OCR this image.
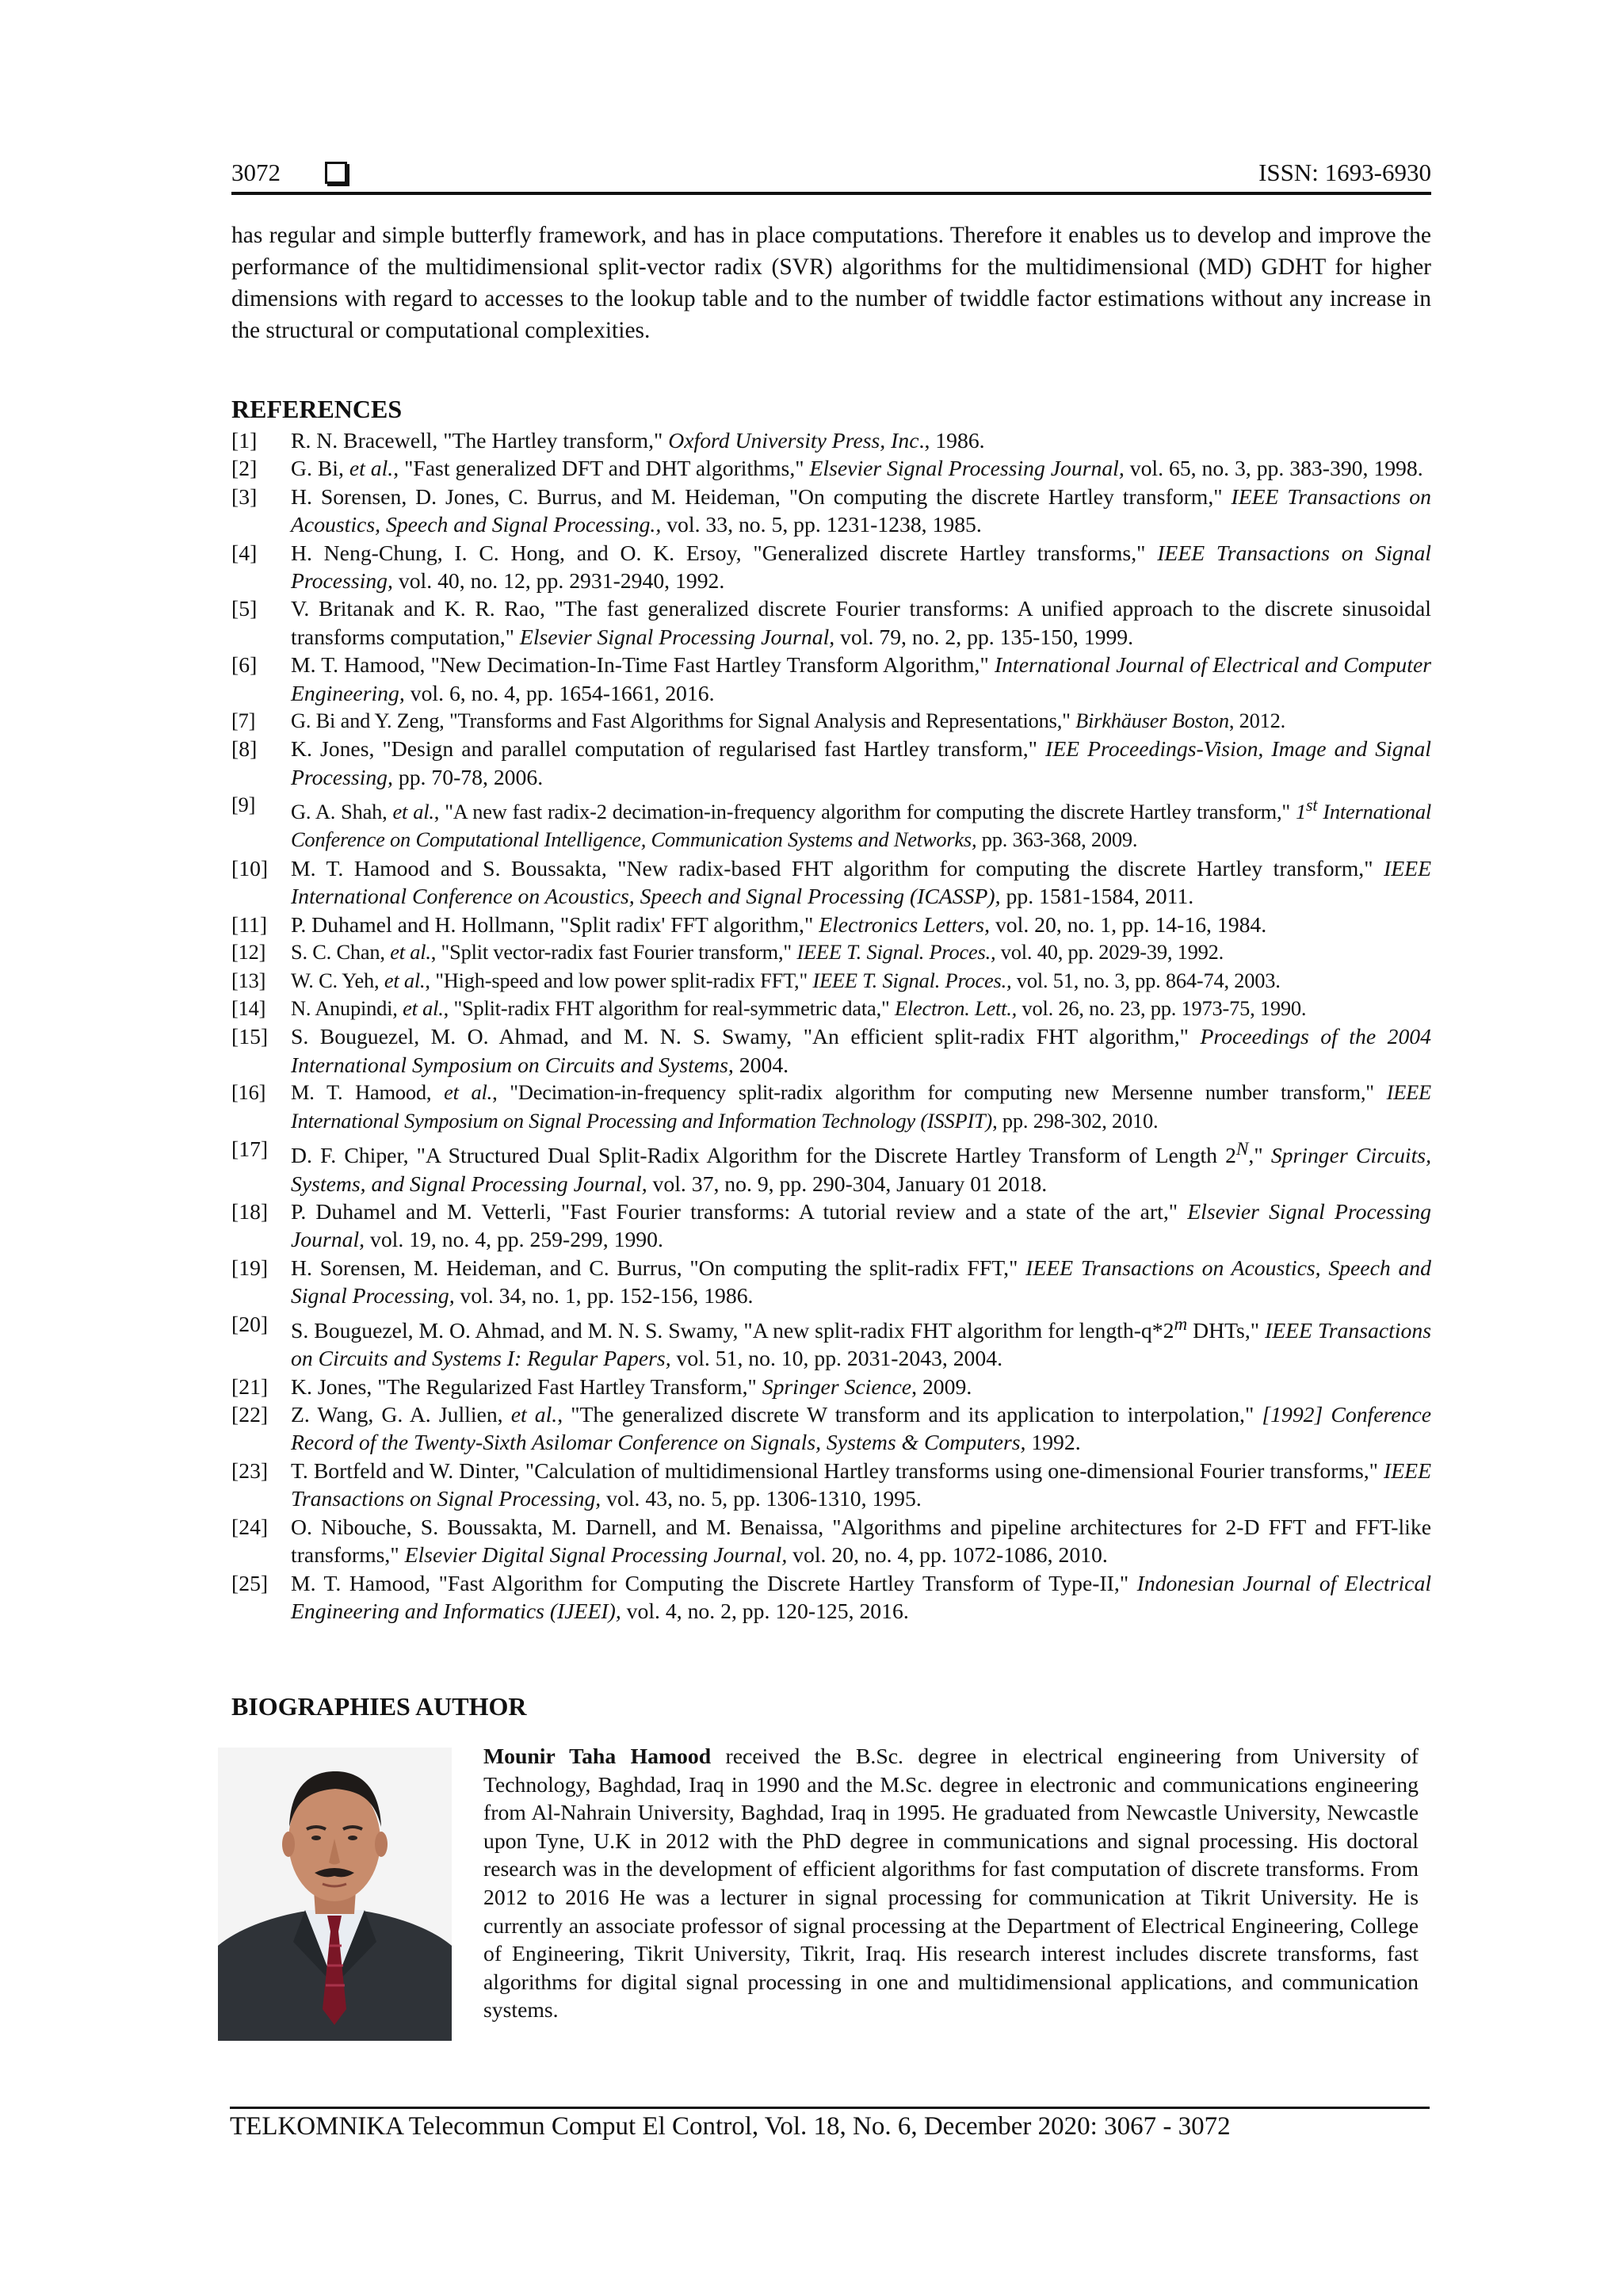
3072	ISSN: 1693-6930

has regular and simple butterfly framework, and has in place computations. Therefore it enables us to develop and improve the performance of the multidimensional split-vector radix (SVR) algorithms for the multidimensional (MD) GDHT for higher dimensions with regard to accesses to the lookup table and to the number of twiddle factor estimations without any increase in the structural or computational complexities.

REFERENCES
[1] R. N. Bracewell, "The Hartley transform," Oxford University Press, Inc., 1986.
[2] G. Bi, et al., "Fast generalized DFT and DHT algorithms," Elsevier Signal Processing Journal, vol. 65, no. 3, pp. 383-390, 1998.
[3] H. Sorensen, D. Jones, C. Burrus, and M. Heideman, "On computing the discrete Hartley transform," IEEE Transactions on Acoustics, Speech and Signal Processing., vol. 33, no. 5, pp. 1231-1238, 1985.
[4] H. Neng-Chung, I. C. Hong, and O. K. Ersoy, "Generalized discrete Hartley transforms," IEEE Transactions on Signal Processing, vol. 40, no. 12, pp. 2931-2940, 1992.
[5] V. Britanak and K. R. Rao, "The fast generalized discrete Fourier transforms: A unified approach to the discrete sinusoidal transforms computation," Elsevier Signal Processing Journal, vol. 79, no. 2, pp. 135-150, 1999.
[6] M. T. Hamood, "New Decimation-In-Time Fast Hartley Transform Algorithm," International Journal of Electrical and Computer Engineering, vol. 6, no. 4, pp. 1654-1661, 2016.
[7] G. Bi and Y. Zeng, "Transforms and Fast Algorithms for Signal Analysis and Representations," Birkhäuser Boston, 2012.
[8] K. Jones, "Design and parallel computation of regularised fast Hartley transform," IEE Proceedings-Vision, Image and Signal Processing, pp. 70-78, 2006.
[9] G. A. Shah, et al., "A new fast radix-2 decimation-in-frequency algorithm for computing the discrete Hartley transform," 1st International Conference on Computational Intelligence, Communication Systems and Networks, pp. 363-368, 2009.
[10] M. T. Hamood and S. Boussakta, "New radix-based FHT algorithm for computing the discrete Hartley transform," IEEE International Conference on Acoustics, Speech and Signal Processing (ICASSP), pp. 1581-1584, 2011.
[11] P. Duhamel and H. Hollmann, "Split radix' FFT algorithm," Electronics Letters, vol. 20, no. 1, pp. 14-16, 1984.
[12] S. C. Chan, et al., "Split vector-radix fast Fourier transform," IEEE T. Signal. Proces., vol. 40, pp. 2029-39, 1992.
[13] W. C. Yeh, et al., "High-speed and low power split-radix FFT," IEEE T. Signal. Proces., vol. 51, no. 3, pp. 864-74, 2003.
[14] N. Anupindi, et al., "Split-radix FHT algorithm for real-symmetric data," Electron. Lett., vol. 26, no. 23, pp. 1973-75, 1990.
[15] S. Bouguezel, M. O. Ahmad, and M. N. S. Swamy, "An efficient split-radix FHT algorithm," Proceedings of the 2004 International Symposium on Circuits and Systems, 2004.
[16] M. T. Hamood, et al., "Decimation-in-frequency split-radix algorithm for computing new Mersenne number transform," IEEE International Symposium on Signal Processing and Information Technology (ISSPIT), pp. 298-302, 2010.
[17] D. F. Chiper, "A Structured Dual Split-Radix Algorithm for the Discrete Hartley Transform of Length $2^N$," Springer Circuits, Systems, and Signal Processing Journal, vol. 37, no. 9, pp. 290-304, January 01 2018.
[18] P. Duhamel and M. Vetterli, "Fast Fourier transforms: A tutorial review and a state of the art," Elsevier Signal Processing Journal, vol. 19, no. 4, pp. 259-299, 1990.
[19] H. Sorensen, M. Heideman, and C. Burrus, "On computing the split-radix FFT," IEEE Transactions on Acoustics, Speech and Signal Processing, vol. 34, no. 1, pp. 152-156, 1986.
[20] S. Bouguezel, M. O. Ahmad, and M. N. S. Swamy, "A new split-radix FHT algorithm for length-q*2$^m$ DHTs," IEEE Transactions on Circuits and Systems I: Regular Papers, vol. 51, no. 10, pp. 2031-2043, 2004.
[21] K. Jones, "The Regularized Fast Hartley Transform," Springer Science, 2009.
[22] Z. Wang, G. A. Jullien, et al., "The generalized discrete W transform and its application to interpolation," [1992] Conference Record of the Twenty-Sixth Asilomar Conference on Signals, Systems & Computers, 1992.
[23] T. Bortfeld and W. Dinter, "Calculation of multidimensional Hartley transforms using one-dimensional Fourier transforms," IEEE Transactions on Signal Processing, vol. 43, no. 5, pp. 1306-1310, 1995.
[24] O. Nibouche, S. Boussakta, M. Darnell, and M. Benaissa, "Algorithms and pipeline architectures for 2-D FFT and FFT-like transforms," Elsevier Digital Signal Processing Journal, vol. 20, no. 4, pp. 1072-1086, 2010.
[25] M. T. Hamood, "Fast Algorithm for Computing the Discrete Hartley Transform of Type-II," Indonesian Journal of Electrical Engineering and Informatics (IJEEI), vol. 4, no. 2, pp. 120-125, 2016.
BIOGRAPHIES AUTHOR

Mounir Taha Hamood received the B.Sc. degree in electrical engineering from University of Technology, Baghdad, Iraq in 1990 and the M.Sc. degree in electronic and communications engineering from Al-Nahrain University, Baghdad, Iraq in 1995. He graduated from Newcastle University, Newcastle upon Tyne, U.K in 2012 with the PhD degree in communications and signal processing. His doctoral research was in the development of efficient algorithms for fast computation of discrete transforms. From 2012 to 2016 He was a lecturer in signal processing for communication at Tikrit University. He is currently an associate professor of signal processing at the Department of Electrical Engineering, College of Engineering, Tikrit University, Tikrit, Iraq. His research interest includes discrete transforms, fast algorithms for digital signal processing in one and multidimensional applications, and communication systems.

TELKOMNIKA Telecommun Comput El Control, Vol. 18, No. 6, December 2020: 3067 - 3072
